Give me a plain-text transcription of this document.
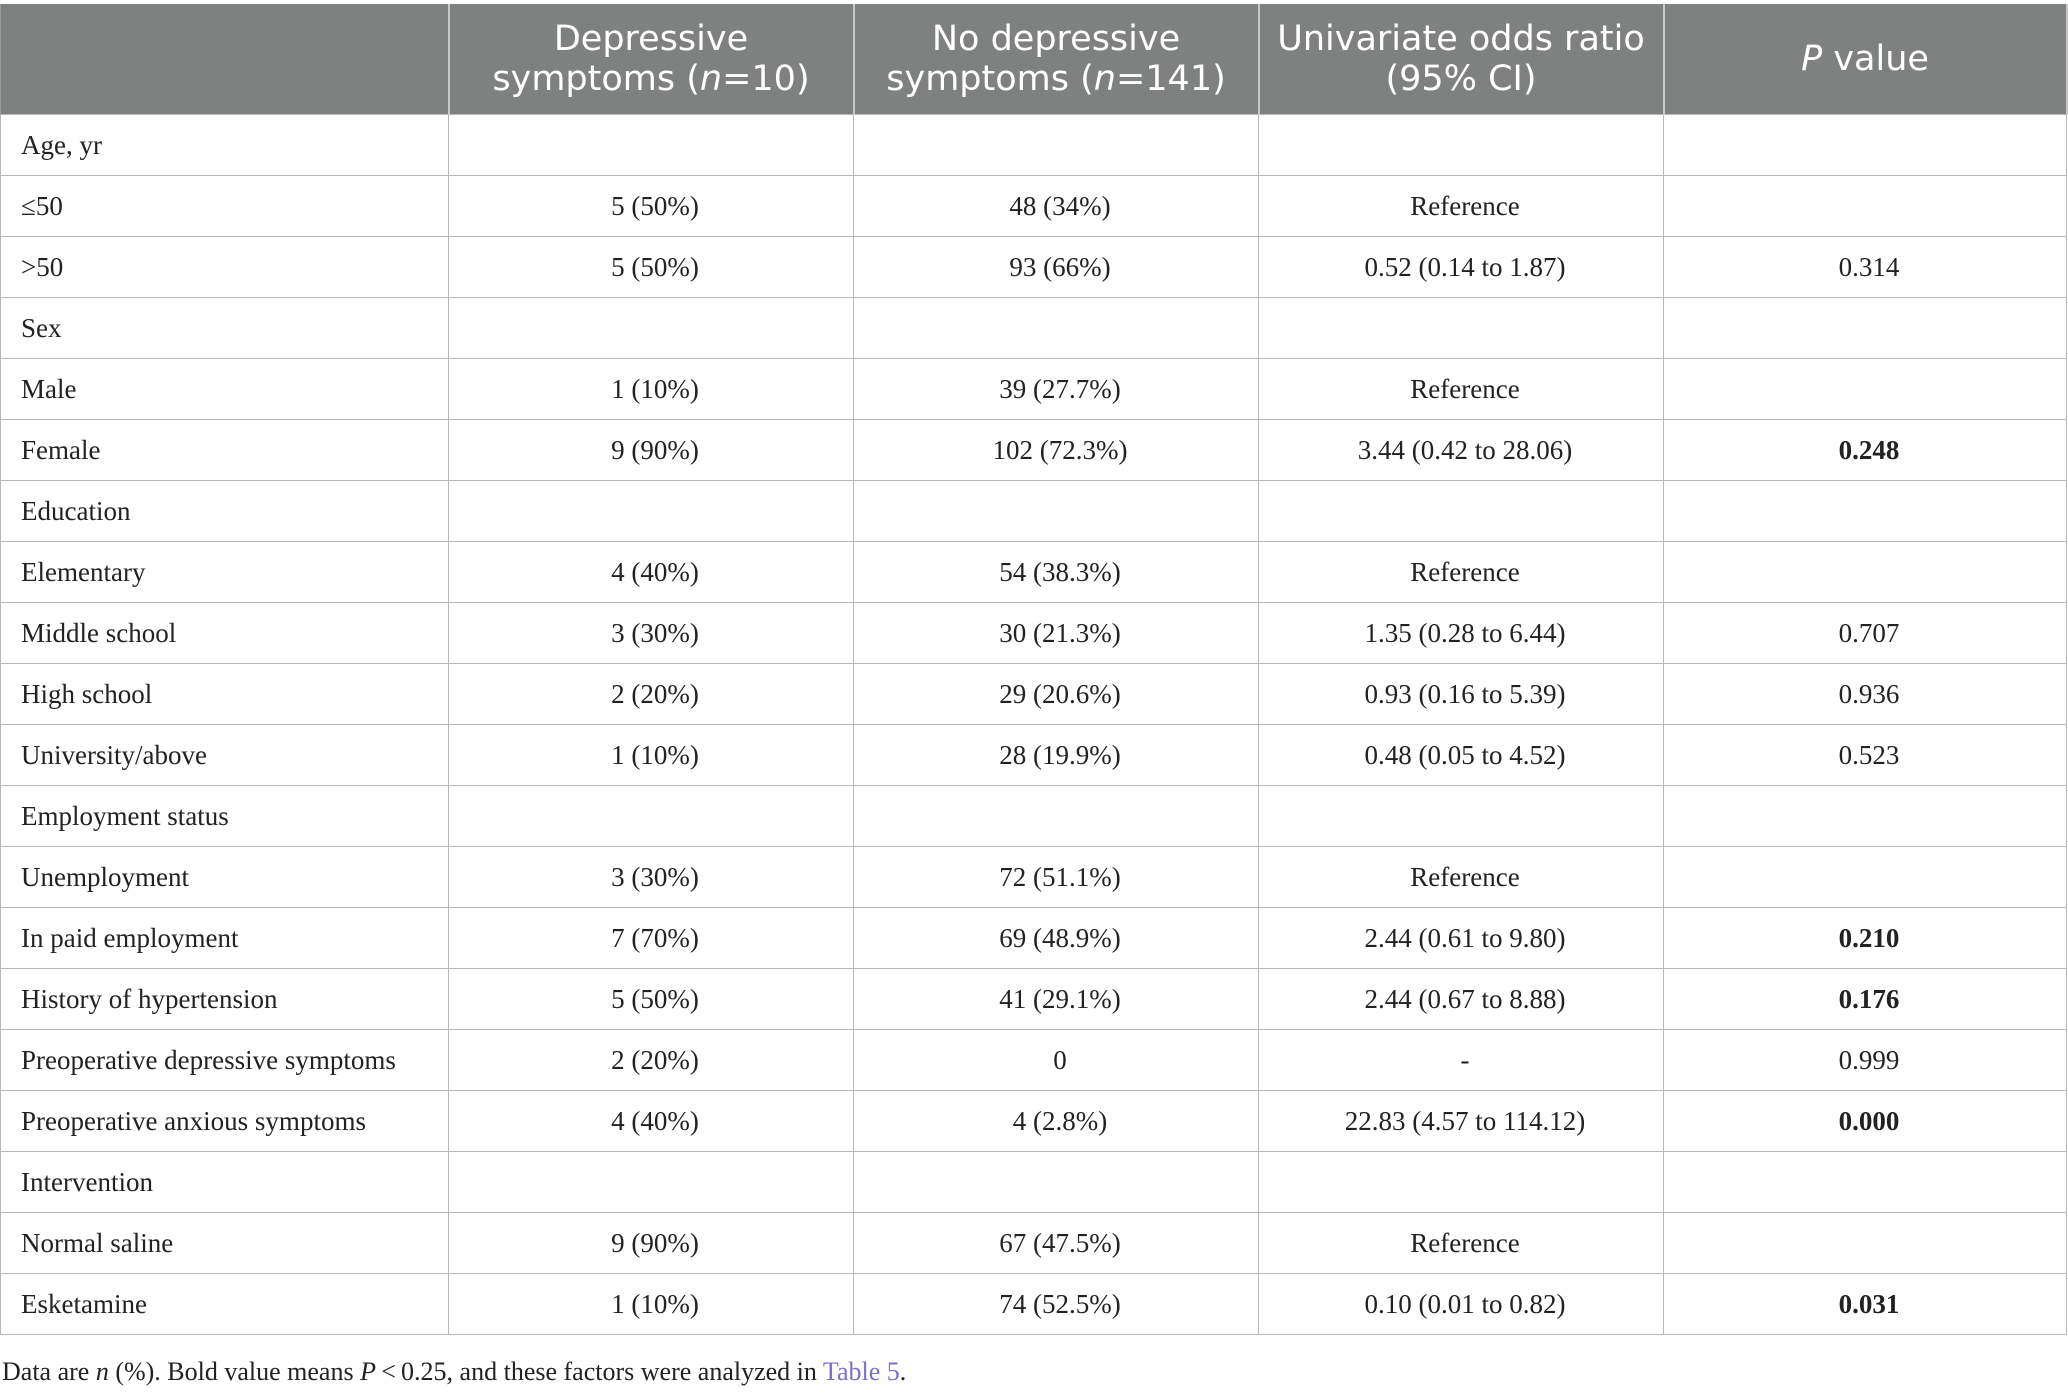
	Depressive
symptoms (n=10)	No depressive
symptoms (n=141)	Univariate odds ratio
(95% CI)	P value
Age, yr				
≤50	5 (50%)	48 (34%)	Reference	
>50	5 (50%)	93 (66%)	0.52 (0.14 to 1.87)	0.314
Sex				
Male	1 (10%)	39 (27.7%)	Reference	
Female	9 (90%)	102 (72.3%)	3.44 (0.42 to 28.06)	0.248
Education				
Elementary	4 (40%)	54 (38.3%)	Reference	
Middle school	3 (30%)	30 (21.3%)	1.35 (0.28 to 6.44)	0.707
High school	2 (20%)	29 (20.6%)	0.93 (0.16 to 5.39)	0.936
University/above	1 (10%)	28 (19.9%)	0.48 (0.05 to 4.52)	0.523
Employment status				
Unemployment	3 (30%)	72 (51.1%)	Reference	
In paid employment	7 (70%)	69 (48.9%)	2.44 (0.61 to 9.80)	0.210
History of hypertension	5 (50%)	41 (29.1%)	2.44 (0.67 to 8.88)	0.176
Preoperative depressive symptoms	2 (20%)	0	-	0.999
Preoperative anxious symptoms	4 (40%)	4 (2.8%)	22.83 (4.57 to 114.12)	0.000
Intervention				
Normal saline	9 (90%)	67 (47.5%)	Reference	
Esketamine	1 (10%)	74 (52.5%)	0.10 (0.01 to 0.82)	0.031
Data are n (%). Bold value means P < 0.25, and these factors were analyzed in Table 5.
